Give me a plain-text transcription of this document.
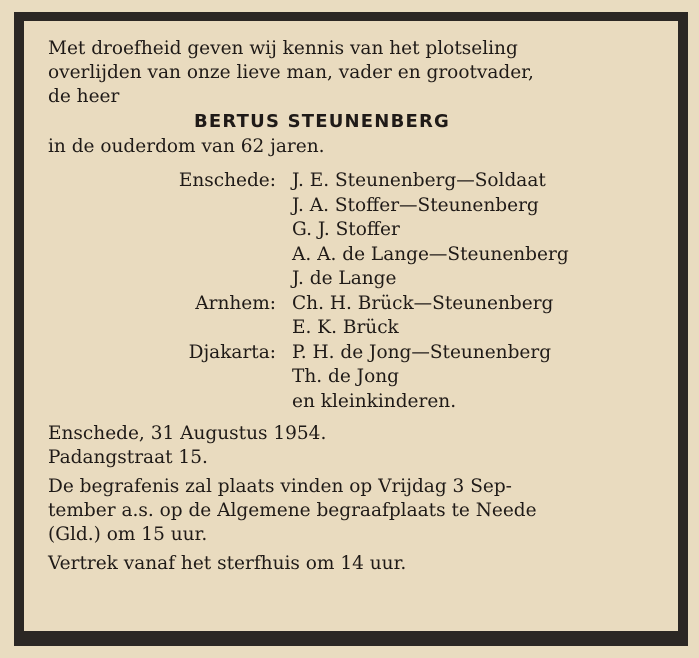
Met droefheid geven wij kennis van het plotseling
overlijden van onze lieve man, vader en grootvader,
de heer
BERTUS STEUNENBERG
in de ouderdom van 62 jaren.
Enschede: J. E. Steunenberg—Soldaat
J. A. Stoffer—Steunenberg
G. J. Stoffer
A. A. de Lange—Steunenberg
J. de Lange
Arnhem: Ch. H. Brück—Steunenberg
E. K. Brück
Djakarta: P. H. de Jong—Steunenberg
Th. de Jong
en kleinkinderen.
Enschede, 31 Augustus 1954.
Padangstraat 15.
De begrafenis zal plaats vinden op Vrijdag 3 Sep-
tember a.s. op de Algemene begraafplaats te Neede
(Gld.) om 15 uur.
Vertrek vanaf het sterfhuis om 14 uur.
